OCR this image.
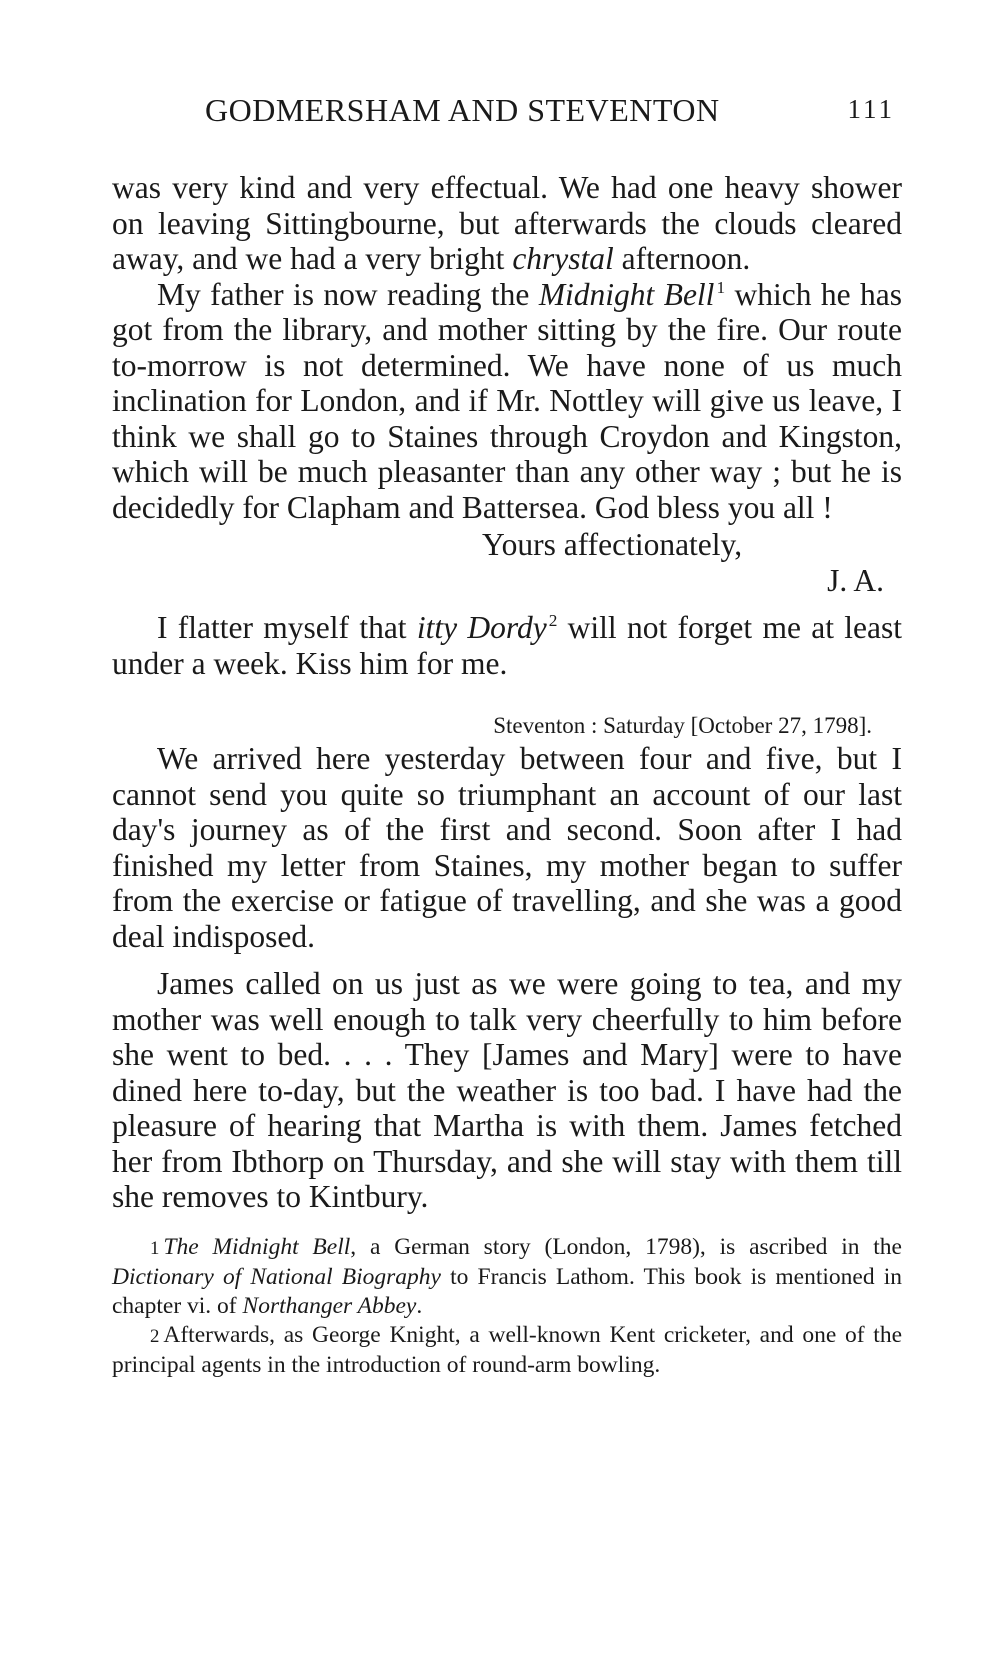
GODMERSHAM AND STEVENTON	111

was very kind and very effectual. We had one heavy shower on leaving Sittingbourne, but afterwards the clouds cleared away, and we had a very bright chrystal afternoon.

My father is now reading the Midnight Bell $^1$ which he has got from the library, and mother sitting by the fire. Our route to-morrow is not determined. We have none of us much inclination for London, and if Mr. Nottley will give us leave, I think we shall go to Staines through Croydon and Kingston, which will be much pleasanter than any other way ; but he is decidedly for Clapham and Battersea. God bless you all !

Yours affectionately,

J. A.

I flatter myself that itty Dordy $^2$ will not forget me at least under a week. Kiss him for me.

Steventon : Saturday [October 27, 1798].

We arrived here yesterday between four and five, but I cannot send you quite so triumphant an account of our last day's journey as of the first and second. Soon after I had finished my letter from Staines, my mother began to suffer from the exercise or fatigue of travelling, and she was a good deal indisposed.

James called on us just as we were going to tea, and my mother was well enough to talk very cheerfully to him before she went to bed. . . . They [James and Mary] were to have dined here to-day, but the weather is too bad. I have had the pleasure of hearing that Martha is with them. James fetched her from Ibthorp on Thursday, and she will stay with them till she removes to Kintbury.

1 The Midnight Bell, a German story (London, 1798), is ascribed in the Dictionary of National Biography to Francis Lathom. This book is mentioned in chapter vi. of Northanger Abbey.

2 Afterwards, as George Knight, a well-known Kent cricketer, and one of the principal agents in the introduction of round-arm bowling.
